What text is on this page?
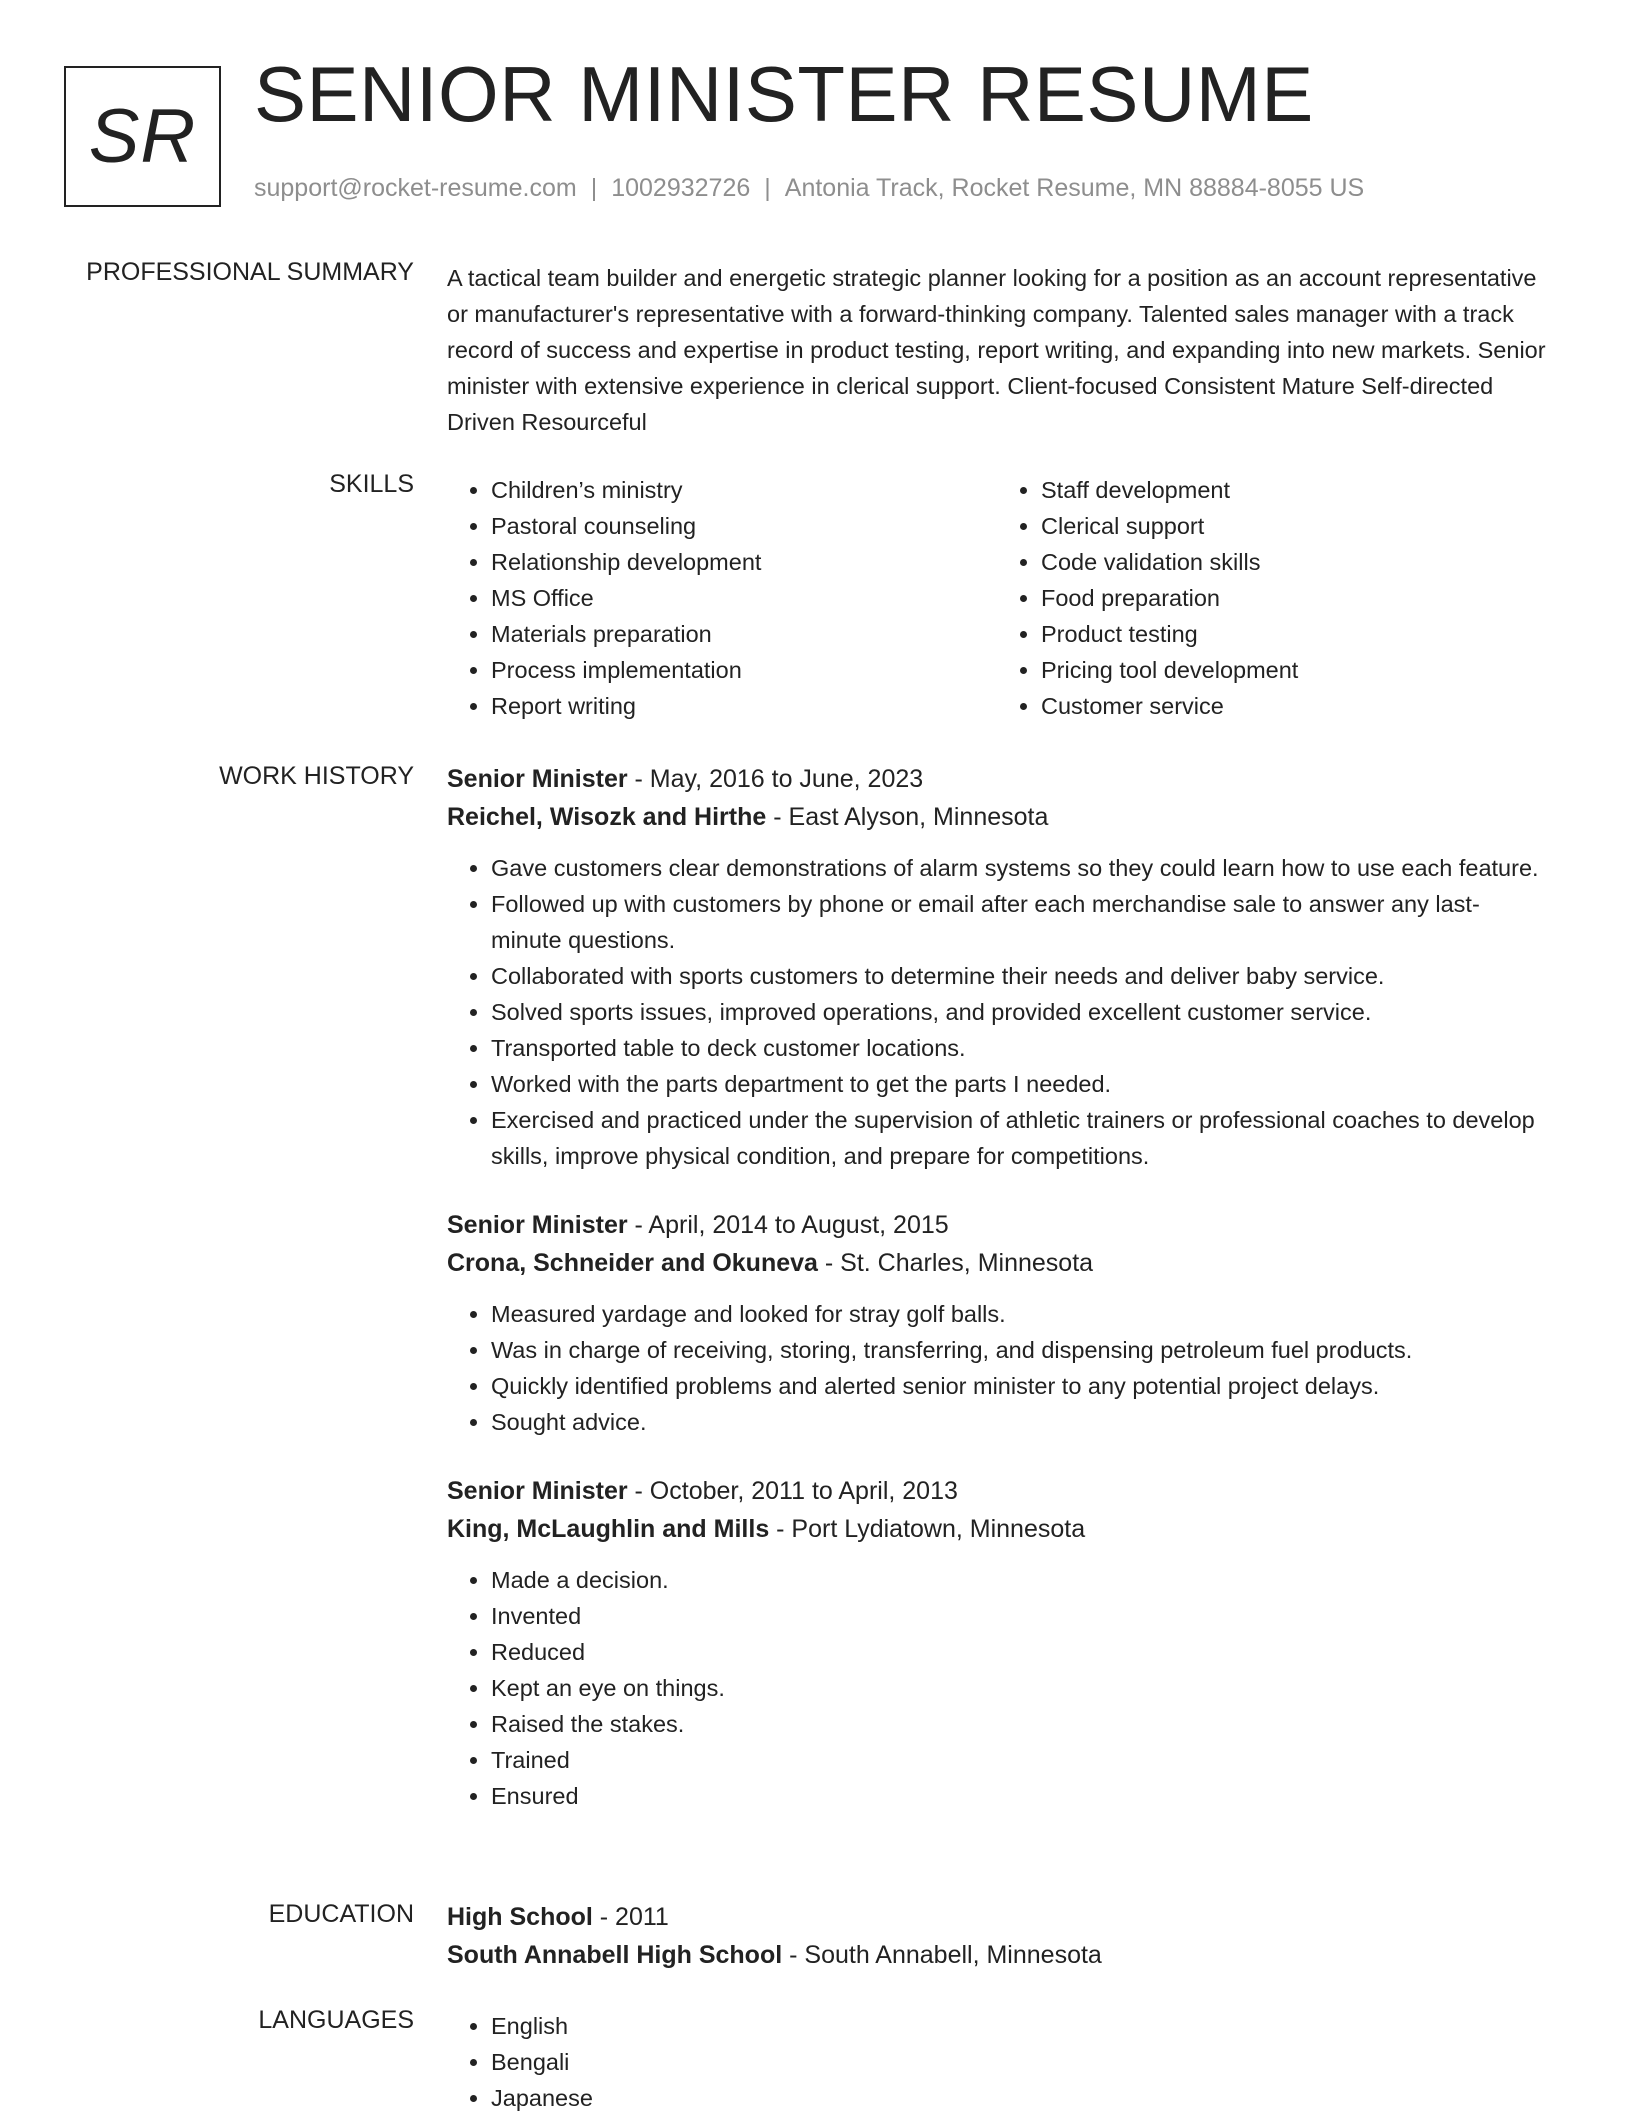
SR SENIOR MINISTER RESUME
support@rocket-resume.com | 1002932726 | Antonia Track, Rocket Resume, MN 88884-8055 US
PROFESSIONAL SUMMARY A tactical team builder and energetic strategic planner looking for a position as an account representative or manufacturer's representative with a forward-thinking company. Talented sales manager with a track record of success and expertise in product testing, report writing, and expanding into new markets. Senior minister with extensive experience in clerical support. Client-focused Consistent Mature Self-directed Driven Resourceful

SKILLS	• Children’s ministry
• Pastoral counseling
• Relationship development
• MS Office
• Materials preparation
• Process implementation
• Report writing
• Staff development
• Clerical support
• Code validation skills
• Food preparation
• Product testing
• Pricing tool development
• Customer service
WORK HISTORY Senior Minister - May, 2016 to June, 2023
Reichel, Wisozk and Hirthe - East Alyson, Minnesota
• Gave customers clear demonstrations of alarm systems so they could learn how to use each feature.
• Followed up with customers by phone or email after each merchandise sale to answer any last-minute questions.
• Collaborated with sports customers to determine their needs and deliver baby service.
• Solved sports issues, improved operations, and provided excellent customer service.
• Transported table to deck customer locations.
• Worked with the parts department to get the parts I needed.
• Exercised and practiced under the supervision of athletic trainers or professional coaches to develop skills, improve physical condition, and prepare for competitions.
Senior Minister - April, 2014 to August, 2015
Crona, Schneider and Okuneva - St. Charles, Minnesota
• Measured yardage and looked for stray golf balls.
• Was in charge of receiving, storing, transferring, and dispensing petroleum fuel products.
• Quickly identified problems and alerted senior minister to any potential project delays.
• Sought advice.
Senior Minister - October, 2011 to April, 2013
King, McLaughlin and Mills - Port Lydiatown, Minnesota
• Made a decision.
• Invented
• Reduced
• Kept an eye on things.
• Raised the stakes.
• Trained
• Ensured
EDUCATION High School - 2011
South Annabell High School - South Annabell, Minnesota
LANGUAGES	• English
• Bengali
• Japanese
